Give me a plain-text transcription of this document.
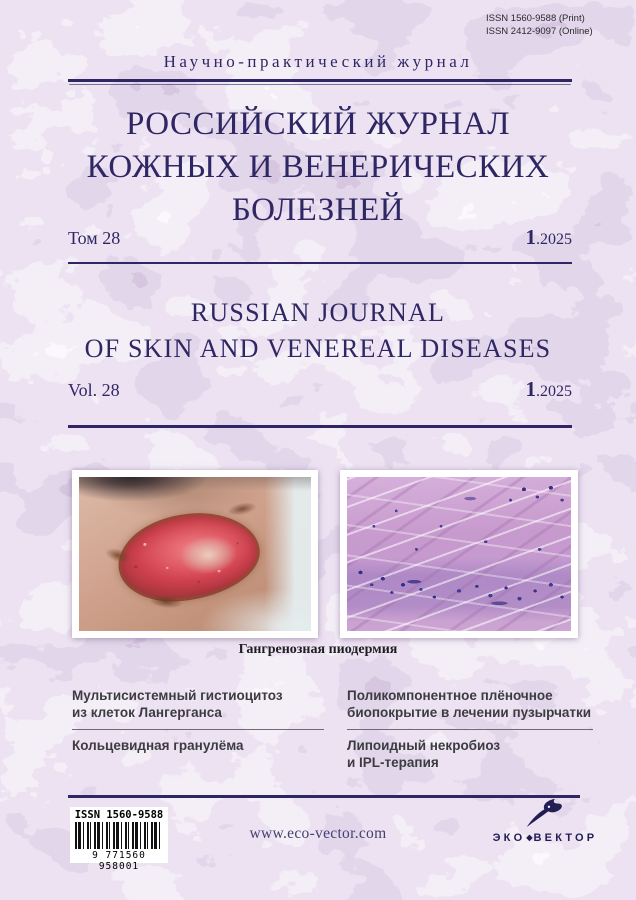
ISSN 1560-9588 (Print)
ISSN 2412-9097 (Online)
Научно-практический журнал
РОССИЙСКИЙ ЖУРНАЛ
КОЖНЫХ И ВЕНЕРИЧЕСКИХ
БОЛЕЗНЕЙ
Том 28	1.2025
RUSSIAN JOURNAL
OF SKIN AND VENEREAL DISEASES
Vol. 28	1.2025
Гангренозная пиодермия
Мультисистемный гистиоцитоз
из клеток Лангерганса
Кольцевидная гранулёма
Поликомпонентное плёночное
биопокрытие в лечении пузырчатки
Липоидный некробиоз
и IPL-терапия
ISSN 1560-9588
9 771560 958001
www.eco-vector.com	ЭКО◆ВЕКТОР
